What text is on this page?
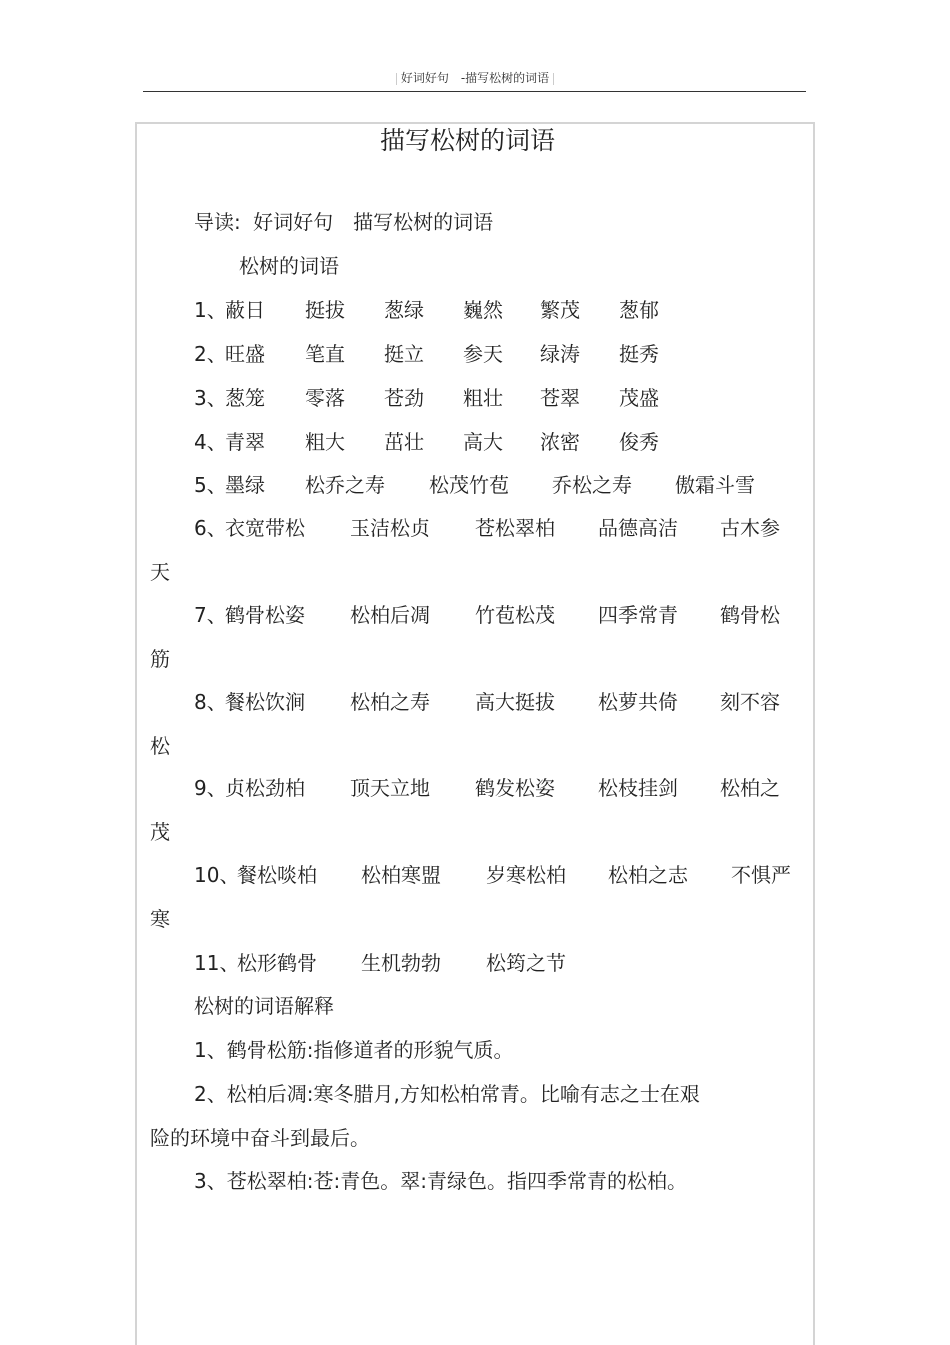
好词好句　-描写松树的词语
描写松树的词语
导读: 好词好句　描写松树的词语
松树的词语
1、
蔽日 挺拔 葱绿 巍然 繁茂 葱郁
2、
旺盛 笔直 挺立 参天 绿涛 挺秀
3、
葱笼 零落 苍劲 粗壮 苍翠 茂盛
4、
青翠 粗大 茁壮 高大 浓密 俊秀
5、
墨绿 松乔之寿 松茂竹苞 乔松之寿 傲霜斗雪
6、
衣宽带松 玉洁松贞 苍松翠柏 品德高洁 古木参
天
7、
鹤骨松姿 松柏后凋 竹苞松茂 四季常青 鹤骨松
筋
8、
餐松饮涧 松柏之寿 高大挺拔 松萝共倚 刻不容
松
9、
贞松劲柏 顶天立地 鹤发松姿 松枝挂剑 松柏之
茂
10、
餐松啖柏 松柏寒盟 岁寒松柏 松柏之志 不惧严
寒
11、
松形鹤骨 生机勃勃 松筠之节
松树的词语解释
1、鹤骨松筋:指修道者的形貌气质。
2、松柏后凋:寒冬腊月,方知松柏常青。比喻有志之士在艰
险的环境中奋斗到最后。
3、苍松翠柏:苍:青色。翠:青绿色。指四季常青的松柏。
